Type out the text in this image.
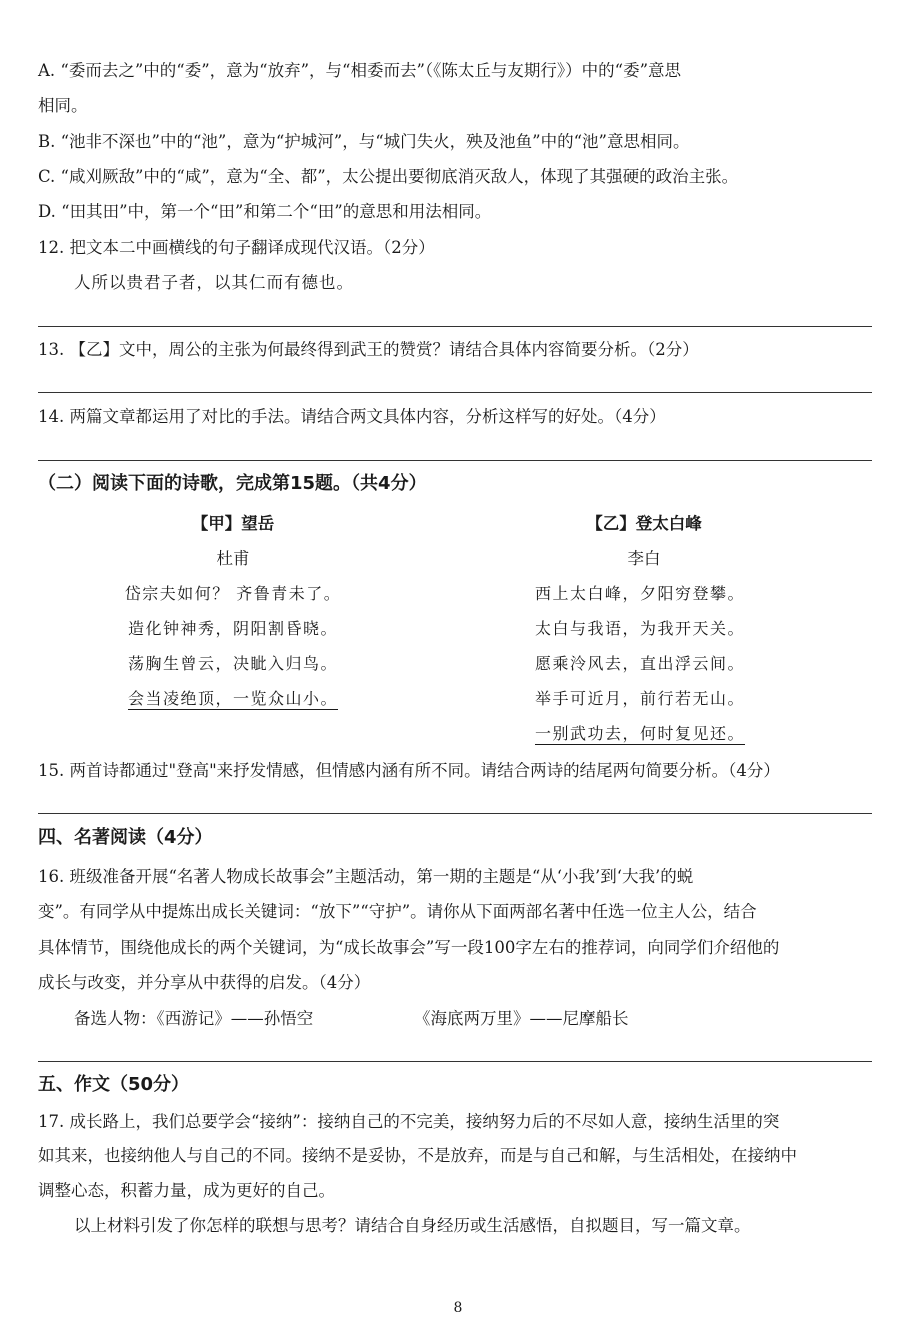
A. “委而去之”中的“委”，意为“放弃”，与“相委而去”（《陈太丘与友期行》）中的“委”意思
相同。
B. “池非不深也”中的“池”，意为“护城河”，与“城门失火，殃及池鱼”中的“池”意思相同。
C. “咸刈厥敌”中的“咸”，意为“全、都”，太公提出要彻底消灭敌人，体现了其强硬的政治主张。
D. “田其田”中，第一个“田”和第二个“田”的意思和用法相同。
12. 把文本二中画横线的句子翻译成现代汉语。（2分）
人所以贵君子者，以其仁而有德也。
13. 【乙】文中，周公的主张为何最终得到武王的赞赏？请结合具体内容简要分析。（2分）
14. 两篇文章都运用了对比的手法。请结合两文具体内容，分析这样写的好处。（4分）
（二）阅读下面的诗歌，完成第15题。（共4分）
【甲】望岳
杜甫
岱宗夫如何？ 齐鲁青未了。
造化钟神秀，阴阳割昏晓。
荡胸生曾云，决眦入归鸟。
会当凌绝顶，一览众山小。
【乙】登太白峰
李白
西上太白峰，夕阳穷登攀。
太白与我语，为我开天关。
愿乘泠风去，直出浮云间。
举手可近月，前行若无山。
一别武功去，何时复见还。
15. 两首诗都通过"登高"来抒发情感，但情感内涵有所不同。请结合两诗的结尾两句简要分析。（4分）
四、名著阅读（4分）
16. 班级准备开展“名著人物成长故事会”主题活动，第一期的主题是“从‘小我’到‘大我’的蜕
变”。有同学从中提炼出成长关键词：“放下”“守护”。请你从下面两部名著中任选一位主人公，结合
具体情节，围绕他成长的两个关键词，为“成长故事会”写一段100字左右的推荐词，向同学们介绍他的
成长与改变，并分享从中获得的启发。（4分）
备选人物：《西游记》——孙悟空	《海底两万里》——尼摩船长
五、作文（50分）
17. 成长路上，我们总要学会“接纳”：接纳自己的不完美，接纳努力后的不尽如人意，接纳生活里的突
如其来，也接纳他人与自己的不同。接纳不是妥协，不是放弃，而是与自己和解，与生活相处，在接纳中
调整心态，积蓄力量，成为更好的自己。
以上材料引发了你怎样的联想与思考？请结合自身经历或生活感悟，自拟题目，写一篇文章。
8
